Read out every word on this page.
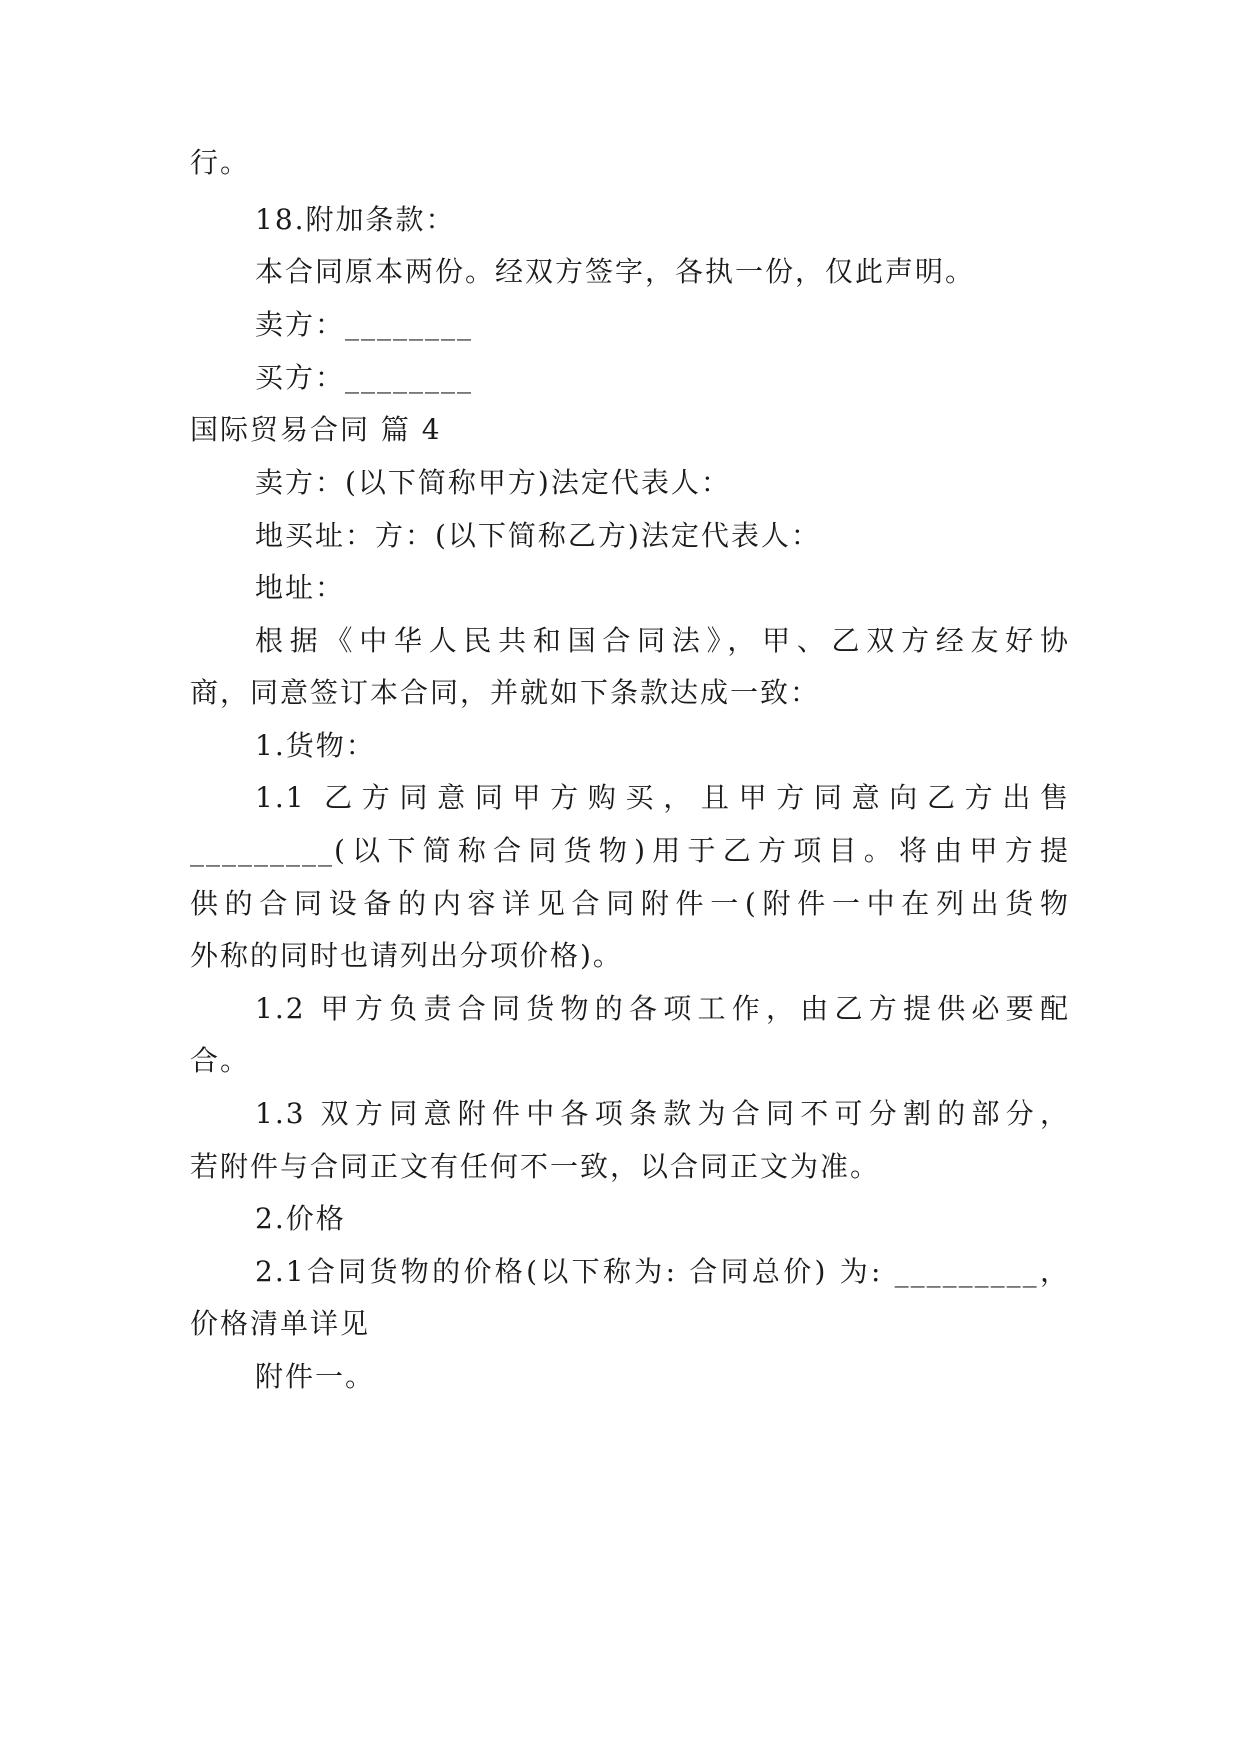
行。
18.附加条款：
本合同原本两份。经双方签字，各执一份，仅此声明。
卖方：________
买方：________
国际贸易合同 篇 4
卖方：(以下简称甲方)法定代表人：
地买址：方：(以下简称乙方)法定代表人：
地址：
根据《中华人民共和国合同法》，甲、乙双方经友好协
商，同意签订本合同，并就如下条款达成一致：
1.货物：
1.1 乙方同意同甲方购买，且甲方同意向乙方出售
_________(以下简称合同货物)用于乙方项目。将由甲方提
供的合同设备的内容详见合同附件一(附件一中在列出货物
外称的同时也请列出分项价格)。
1.2 甲方负责合同货物的各项工作，由乙方提供必要配
合。
1.3 双方同意附件中各项条款为合同不可分割的部分，
若附件与合同正文有任何不一致，以合同正文为准。
2.价格
2.1合同货物的价格(以下称为: 合同总价) 为: _________，
价格清单详见
附件一。
